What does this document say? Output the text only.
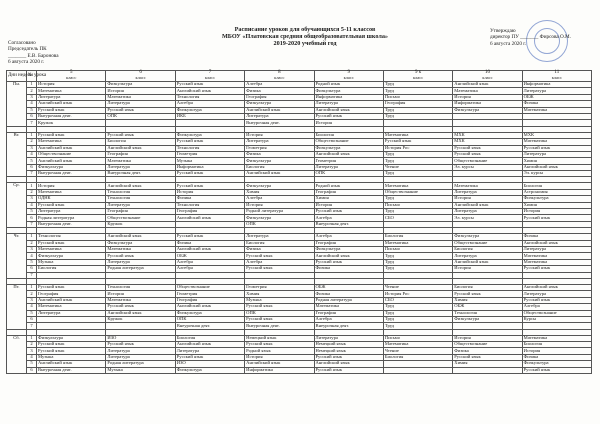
Согласовано
Председатель ПК
_______ Е.В. Баронова
6 августа 2020 г.
Расписание уроков для обучающихся 5-11 классов
МБОУ «Платовская средняя общеобразовательная школа»
2019-2020 учебный год
Утверждаю
директор ПУ _______ Фирсова О.М.
6 августа 2020 г.
Дни недели	№ урока	5
класс	6
класс	7
класс	8
класс	9
класс	9 к
класс	10
класс	11
класс

Пн.	1	История	Физкультура	Русский язык	Алгебра	Родной язык	Труд	Английский язык	Информатика
	2	Математика	История	Английский язык	Физика	Физкультура	Труд	Математика	Литература
	3	Литература	Математика	Технология	География	Информатика	Письмо	История	ОБЖ
	4	Английский язык	Литература	Алгебра	Физкультура	Литература	География	Информатика	Физика
	5	Русский язык	Русский язык	Физкультура	Английский язык	Английский язык	Труд	Физкультура	Математика
	6	Внеурочная деят.	ОПК	ИКБ	Литература	Русский язык	Труд		
	7	Кружок			Внеурочная деят.	История			

Вт.	1	Русский язык	Русский язык	Физкультура	История	Биология	Математика	МХК	МХК
	2	Математика	Биология	Русский язык	Литература	Обществознание	Русский язык	МХК	Математика
	3	Английский язык	Английский язык	Технология	Геометрия	Физкультура	История Рос	Русский язык	Русский язык
	4	Обществознание	География	Геометрия	Физика	Английский язык	Труд	Русский язык	Литература
	5	Английский язык	Математика	Музыка	Физкультура	Геометрия	Труд	Обществознание	Химия
	6	Физкультура	Литература	Информатика	Биология	Литература	Чтение	Эл. курсы	Английский язык
	7	Внеурочная деят.	Внеурочная деят.	Русский язык	Английский язык	ОПК	Труд		Эл. курсы

Ср.	1	История	Английский язык	Русский язык	Физкультура	Родной язык	Математика	Математика	Биология
	2	Математика	Технология	История	Химия	География	Обществознание	Литература	Астрономия
	3	ОДНК	Технология	Физика	Алгебра	Химия	Труд	История	Физкультура
	4	Русский язык	Литература	Технология	История	История	Письмо	Английский язык	Химия
	5	Литература	География	География	Родной литература	Русский язык	Труд	Литература	История
	6	Родная литература	Обществознание	Английский язык	Физкультура	Алгебра	СБО	Эл. курсы	Русский язык
	7	Внеурочная деят.	Кружок		ОПК	Внеурочная деят.			

Чт.	1	Технология	Английский язык	Русский язык	Литература	Алгебра	Биология	Физкультура	Физика
	2	Русский язык	Физкультура	Физика	Биология	География	Математика	Обществознание	Английский язык
	3	Математика	Математика	Английский язык	Физика	Физкультура	Письмо	Биология	Литература
	4	Физкультура	Русский язык	ОБЖ	Русский язык	Английский язык	Труд	Литература	Математика
	5	Музыка	Литература	Алгебра	Алгебра	Русский язык	Труд	Английский язык	Математика
	6	Биология	Родная литература	Алгебра	Русский язык	Физика	Труд	История	Русский язык
	7								

Пт.	1	Русский язык	Технология	Обществознание	Геометрия	ОБЖ	Чтение	Биология	Английский язык
	2	География	История	Геометрия	Химия	Физика	История Рос	Русский язык	Литература
	3	Английский язык	Математика	География	Музыка	Родная литература	СБО	Химия	Русский язык
	4	Математика	Русский язык	Английский язык	Русский язык	Математика	Труд	ОБЖ	Алгебра
	5	Литература	Английский язык	Физкультура	ОПК	География	Труд	Технология	Обществознание
	6		Кружок	ОПК	Русский язык	Алгебра	Труд	Физкультура	Курсы
	7			Внеурочная деят.	Внеурочная деят.	Внеурочная деят.	Труд		

Сб.	1	Физкультура	ИЗО	Биология	Немецкий язык	Литература	Письмо	История	Математика
	2	Русский язык	Русский язык	Английский язык	Русский язык	Немецкий язык	Математика	Обществознание	Биология
	3	Русский язык	Литература	Литература	Родной язык	Немецкий язык	Чтение	Физика	История
	4	Музыка	Литература	Русский язык	История	Русский язык	Биология	Русский язык	Физика
	5	Английский язык	Родная литература	ИЗО	Английский язык	Английский язык		Химия	Физкультура
	6	Внеурочная деят.	Музыка	Физкультура	Информатика	Русский язык			Русский язык
